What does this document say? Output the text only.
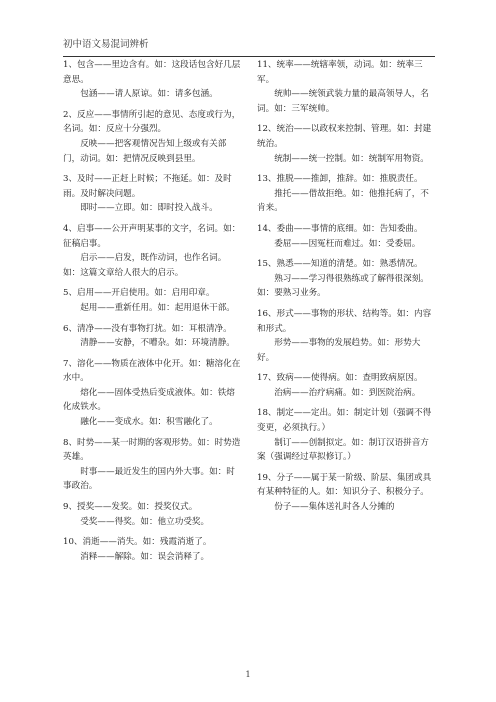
初中语文易混词辨析

1、包含——里边含有。如：这段话包含好几层意思。

包涵——请人原谅。如：请多包涵。

2、反应——事情所引起的意见、态度或行为，名词。如：反应十分强烈。

反映——把客观情况告知上级或有关部门，动词。如：把情况反映到县里。

3、及时——正赶上时候；不拖延。如：及时雨。及时解决问题。

即时——立即。如：即时投入战斗。

4、启事——公开声明某事的文字，名词。如：征稿启事。

启示——启发，既作动词，也作名词。如：这篇文章给人很大的启示。

5、启用——开启使用。如：启用印章。

起用——重新任用。如：起用退休干部。

6、清净——没有事物打扰。如：耳根清净。

清静——安静，不嘈杂。如：环境清静。

7、溶化——物质在液体中化开。如：糖溶化在水中。

熔化——固体受热后变成液体。如：铁熔化成铁水。

融化——变成水。如：积雪融化了。

8、时势——某一时期的客观形势。如：时势造英雄。

时事——最近发生的国内外大事。如：时事政治。

9、授奖——发奖。如：授奖仪式。

受奖——得奖。如：他立功受奖。

10、消逝——消失。如：残霞消逝了。

消释——解除。如：误会消释了。

11、统率——统辖率领，动词。如：统率三军。

统帅——统领武装力量的最高领导人，名词。如：三军统帅。

12、统治——以政权来控制、管理。如：封建统治。

统制——统一控制。如：统制军用物资。

13、推脱——推卸，推辞。如：推脱责任。

推托——借故拒绝。如：他推托病了，不肯来。

14、委曲——事情的底细。如：告知委曲。

委屈——因冤枉而难过。如：受委屈。

15、熟悉——知道的清楚。如：熟悉情况。

熟习——学习得很熟练或了解得很深刻。如：要熟习业务。

16、形式——事物的形状、结构等。如：内容和形式。

形势——事物的发展趋势。如：形势大好。

17、致病——使得病。如：查明致病原因。

治病——治疗病痛。如：到医院治病。

18、制定——定出。如：制定计划（强调不得变更，必须执行。）

制订——创制拟定。如：制订汉语拼音方案（强调经过草拟修订。）

19、分子——属于某一阶级、阶层、集团或具有某种特征的人。如：知识分子、积极分子。

份子——集体送礼时各人分摊的

1
